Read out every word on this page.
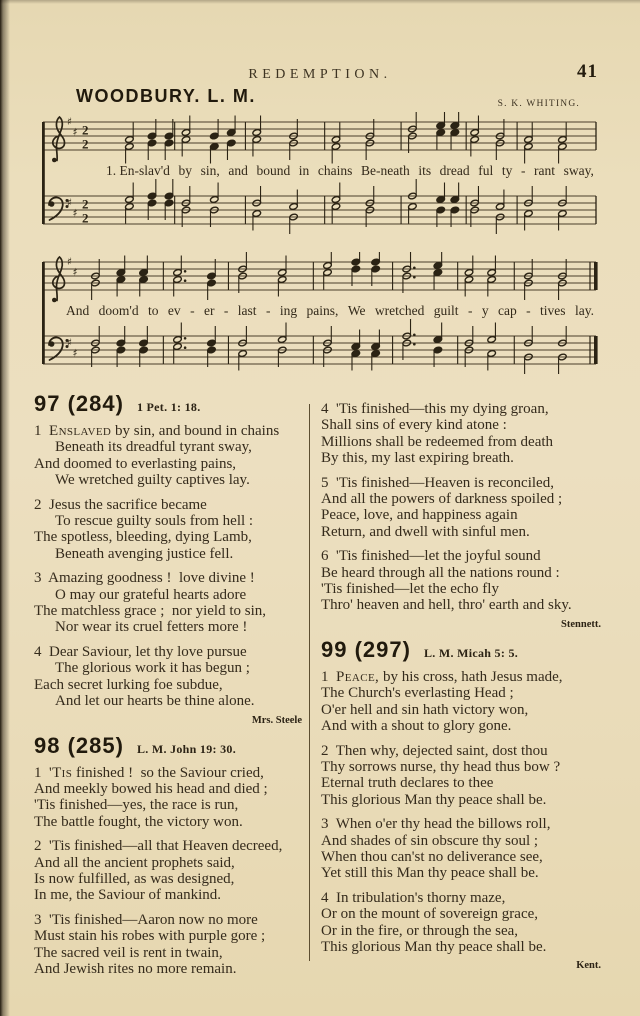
REDEMPTION.	41
WOODBURY. L. M.	S. K. WHITING.
♯
♯
♯
♯
2
2
2
2
1. En-slav'd by sin, and bound in chains Be-neath its dread ful ty - rant sway,
♯
♯
♯
♯
And doom'd to ev - er - last - ing pains, We wretched guilt - y cap - tives lay.
97 (284) 1 Pet. 1: 18.
1  Enslaved by sin, and bound in chains
Beneath its dreadful tyrant sway,
And doomed to everlasting pains,
We wretched guilty captives lay.
2  Jesus the sacrifice became
To rescue guilty souls from hell :
The spotless, bleeding, dying Lamb,
Beneath avenging justice fell.
3  Amazing goodness !  love divine !
O may our grateful hearts adore
The matchless grace ;  nor yield to sin,
Nor wear its cruel fetters more !
4  Dear Saviour, let thy love pursue
The glorious work it has begun ;
Each secret lurking foe subdue,
And let our hearts be thine alone.
Mrs. Steele
98 (285) L. M. John 19: 30.
1  'Tis finished !  so the Saviour cried,
And meekly bowed his head and died ;
'Tis finished—yes, the race is run,
The battle fought, the victory won.
2  'Tis finished—all that Heaven decreed,
And all the ancient prophets said,
Is now fulfilled, as was designed,
In me, the Saviour of mankind.
3  'Tis finished—Aaron now no more
Must stain his robes with purple gore ;
The sacred veil is rent in twain,
And Jewish rites no more remain.
4  'Tis finished—this my dying groan,
Shall sins of every kind atone :
Millions shall be redeemed from death
By this, my last expiring breath.
5  'Tis finished—Heaven is reconciled,
And all the powers of darkness spoiled ;
Peace, love, and happiness again
Return, and dwell with sinful men.
6  'Tis finished—let the joyful sound
Be heard through all the nations round :
'Tis finished—let the echo fly
Thro' heaven and hell, thro' earth and sky.
Stennett.
99 (297) L. M. Micah 5: 5.
1  Peace, by his cross, hath Jesus made,
The Church's everlasting Head ;
O'er hell and sin hath victory won,
And with a shout to glory gone.
2  Then why, dejected saint, dost thou
Thy sorrows nurse, thy head thus bow ?
Eternal truth declares to thee
This glorious Man thy peace shall be.
3  When o'er thy head the billows roll,
And shades of sin obscure thy soul ;
When thou can'st no deliverance see,
Yet still this Man thy peace shall be.
4  In tribulation's thorny maze,
Or on the mount of sovereign grace,
Or in the fire, or through the sea,
This glorious Man thy peace shall be.
Kent.
